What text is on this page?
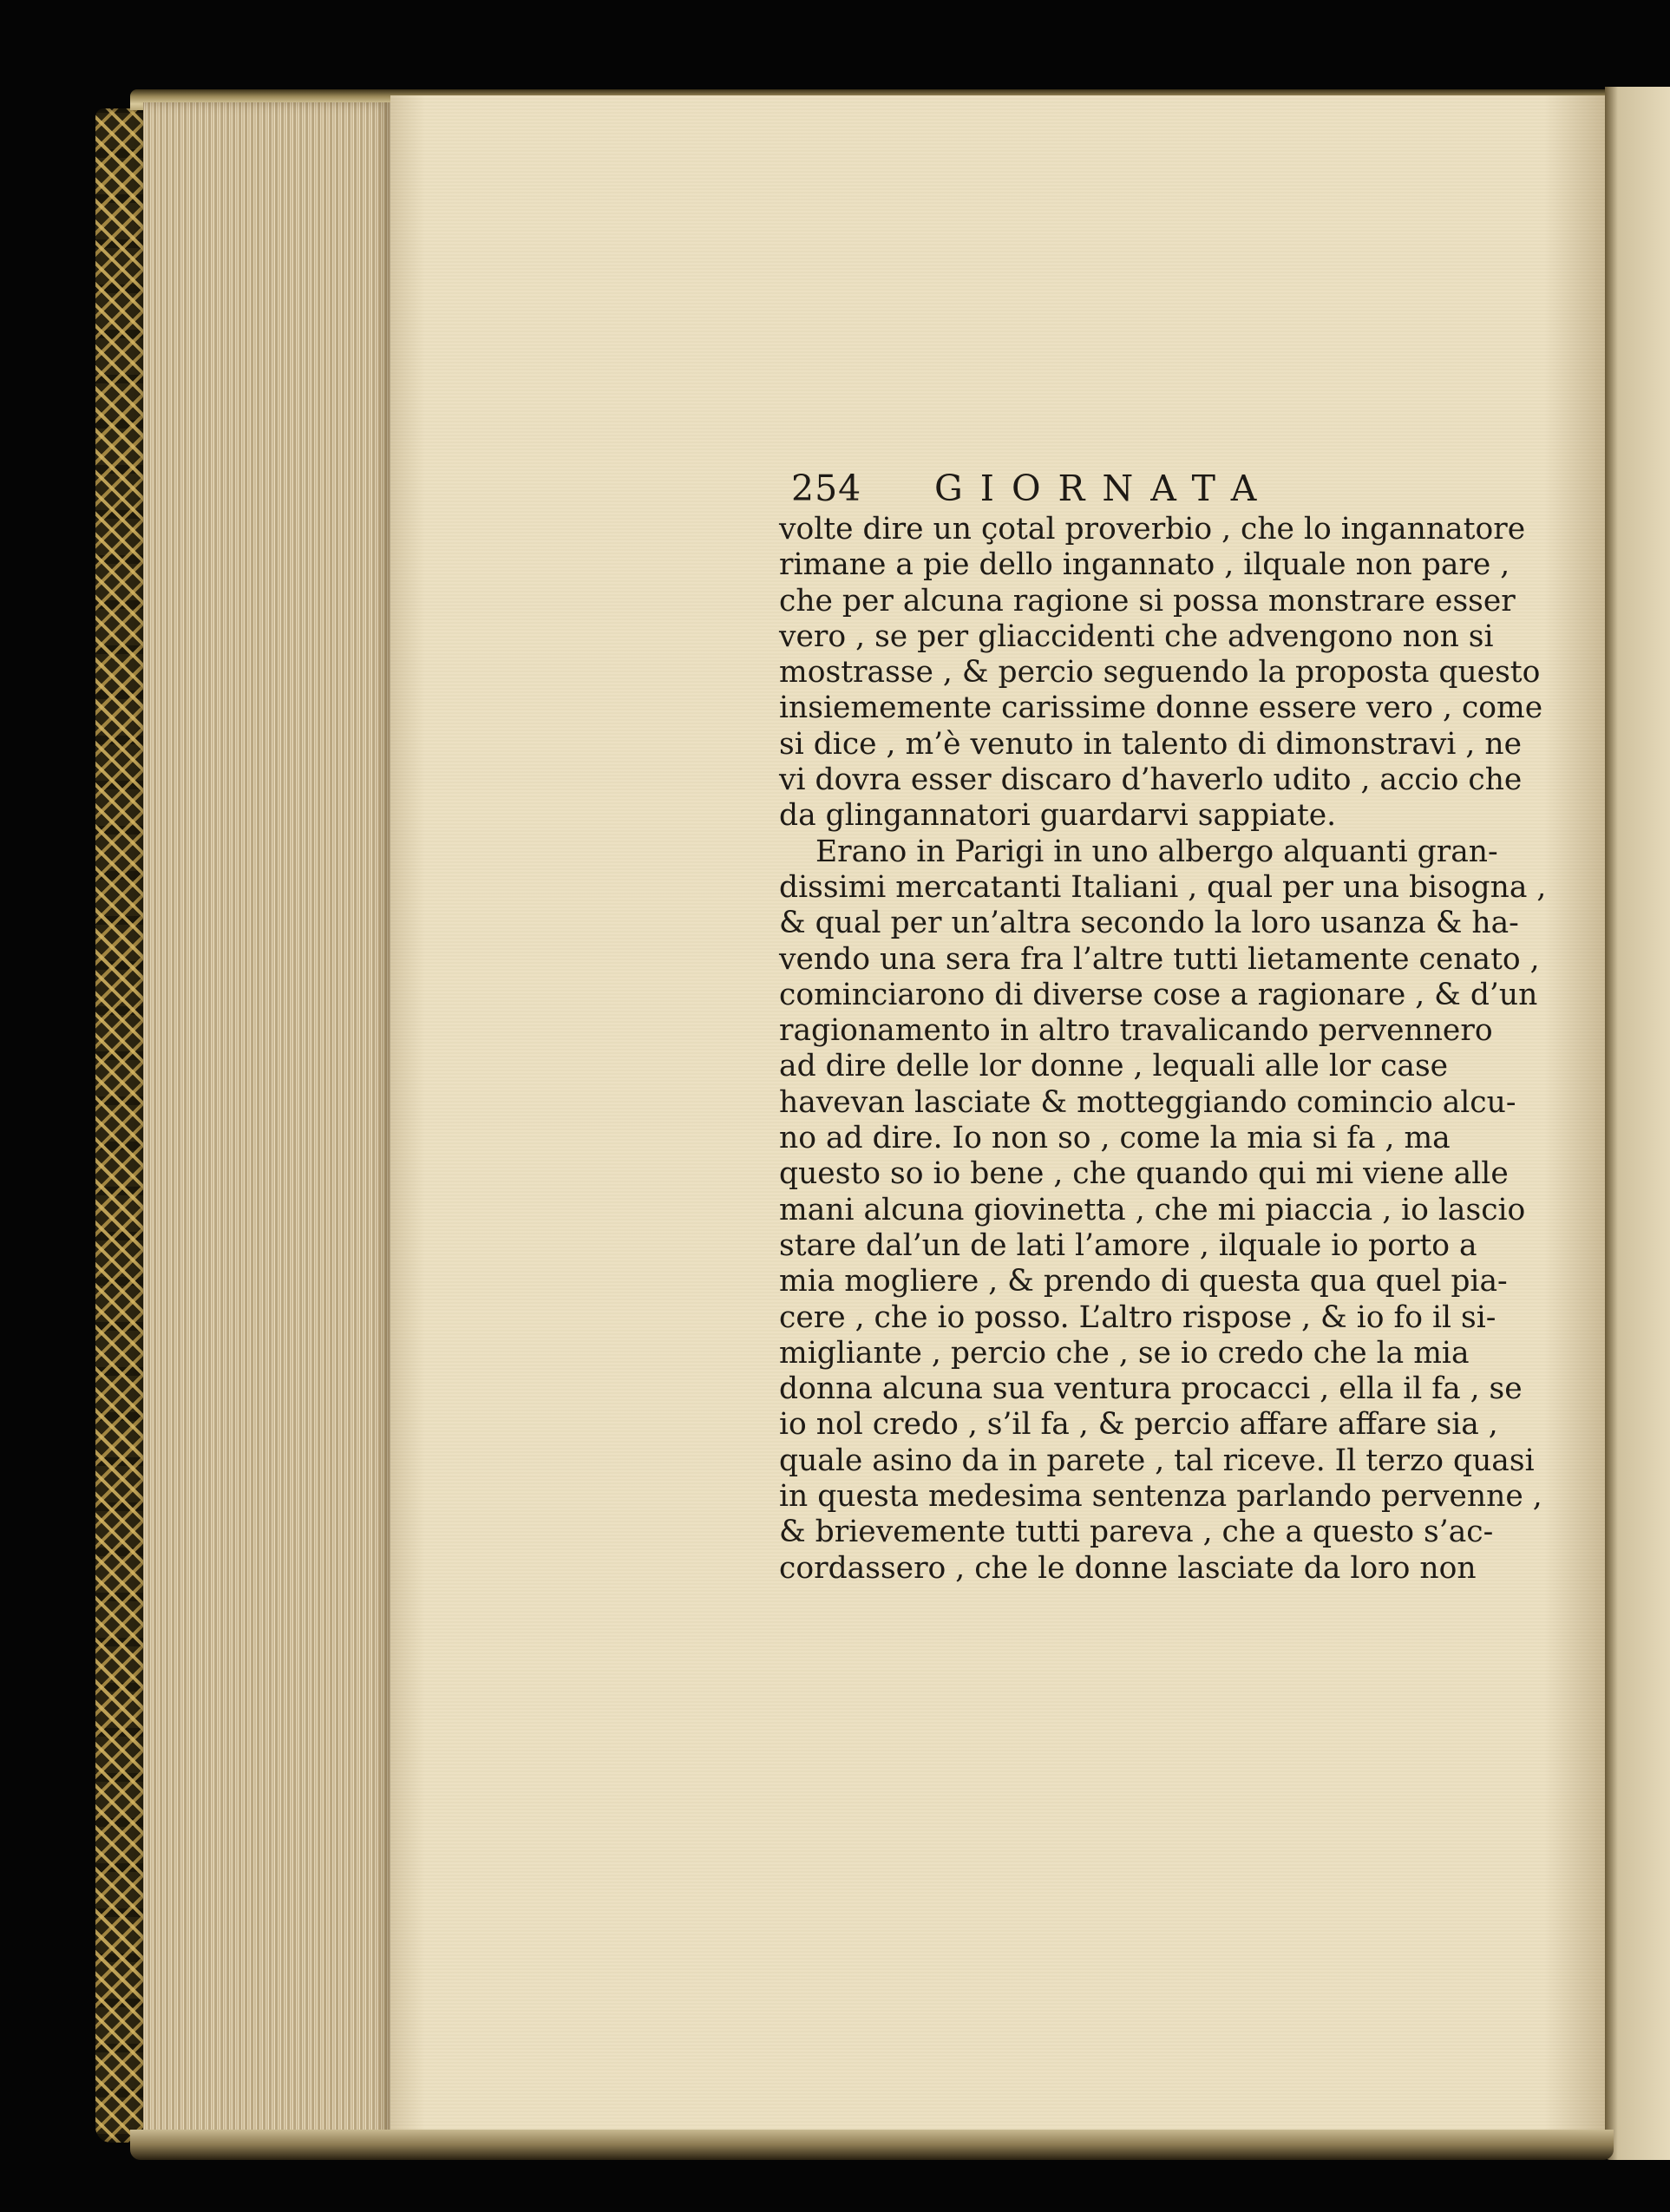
254 GIORNATA
volte dire un çotal proverbio , che lo ingannatore
rimane a pie dello ingannato , ilquale non pare ,
che per alcuna ragione si possa monstrare esser
vero , se per gliaccidenti che advengono non si
mostrasse , & percio seguendo la proposta questo
insiememente carissime donne essere vero , come
si dice , m’è venuto in talento di dimonstravi , ne
vi dovra esser discaro d’haverlo udito , accio che
da glingannatori guardarvi sappiate.
Erano in Parigi in uno albergo alquanti gran-
dissimi mercatanti Italiani , qual per una bisogna ,
& qual per un’altra secondo la loro usanza & ha-
vendo una sera fra l’altre tutti lietamente cenato ,
cominciarono di diverse cose a ragionare , & d’un
ragionamento in altro travalicando pervennero
ad dire delle lor donne , lequali alle lor case
havevan lasciate & motteggiando comincio alcu-
no ad dire. Io non so , come la mia si fa , ma
questo so io bene , che quando qui mi viene alle
mani alcuna giovinetta , che mi piaccia , io lascio
stare dal’un de lati l’amore , ilquale io porto a
mia mogliere , & prendo di questa qua quel pia-
cere , che io posso. L’altro rispose , & io fo il si-
migliante , percio che , se io credo che la mia
donna alcuna sua ventura procacci , ella il fa , se
io nol credo , s’il fa , & percio affare affare sia ,
quale asino da in parete , tal riceve. Il terzo quasi
in questa medesima sentenza parlando pervenne ,
& brievemente tutti pareva , che a questo s’ac-
cordassero , che le donne lasciate da loro non
